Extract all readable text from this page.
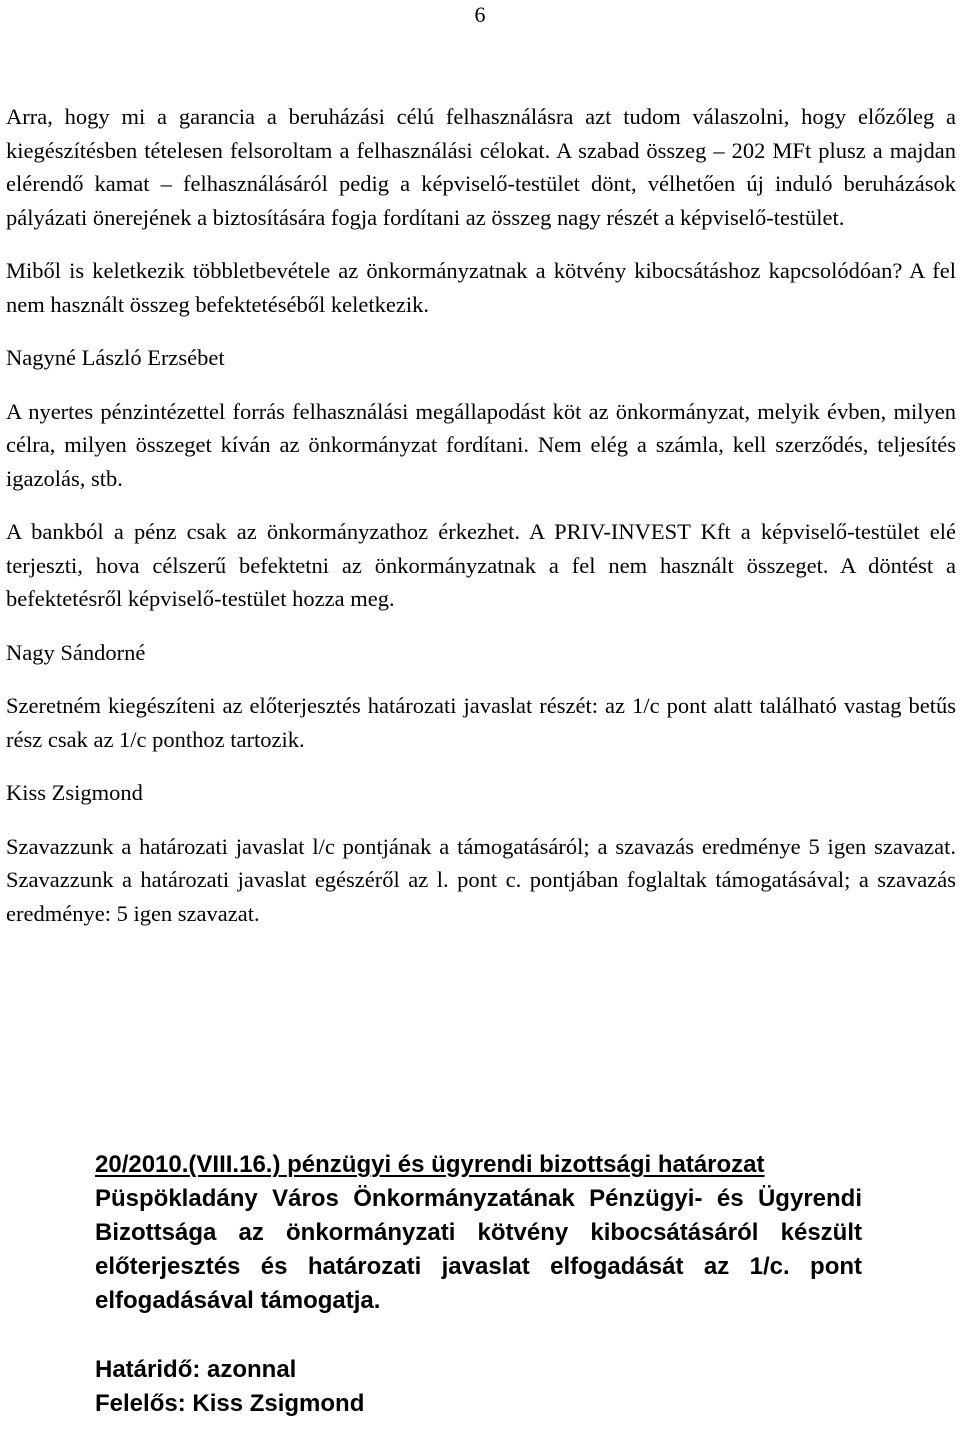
6

Arra, hogy mi a garancia a beruházási célú felhasználásra azt tudom válaszolni, hogy előzőleg a kiegészítésben tételesen felsoroltam a felhasználási célokat. A szabad összeg – 202 MFt plusz a majdan elérendő kamat – felhasználásáról pedig a képviselő-testület dönt, vélhetően új induló beruházások pályázati önerejének a biztosítására fogja fordítani az összeg nagy részét a képviselő-testület.

Miből is keletkezik többletbevétele az önkormányzatnak a kötvény kibocsátáshoz kapcsolódóan? A fel nem használt összeg befektetéséből keletkezik.

Nagyné László Erzsébet

A nyertes pénzintézettel forrás felhasználási megállapodást köt az önkormányzat, melyik évben, milyen célra, milyen összeget kíván az önkormányzat fordítani. Nem elég a számla, kell szerződés, teljesítés igazolás, stb.

A bankból a pénz csak az önkormányzathoz érkezhet. A PRIV-INVEST Kft a képviselő-testület elé terjeszti, hova célszerű befektetni az önkormányzatnak a fel nem használt összeget. A döntést a befektetésről képviselő-testület hozza meg.

Nagy Sándorné

Szeretném kiegészíteni az előterjesztés határozati javaslat részét: az 1/c pont alatt található vastag betűs rész csak az 1/c ponthoz tartozik.

Kiss Zsigmond

Szavazzunk a határozati javaslat l/c pontjának a támogatásáról; a szavazás eredménye 5 igen szavazat. Szavazzunk a határozati javaslat egészéről az l. pont c. pontjában foglaltak támogatásával; a szavazás eredménye: 5 igen szavazat.

20/2010.(VIII.16.) pénzügyi és ügyrendi bizottsági határozat

Püspökladány Város Önkormányzatának Pénzügyi- és Ügyrendi Bizottsága az önkormányzati kötvény kibocsátásáról készült előterjesztés és határozati javaslat elfogadását az 1/c. pont elfogadásával támogatja.

Határidő: azonnal
Felelős: Kiss Zsigmond
